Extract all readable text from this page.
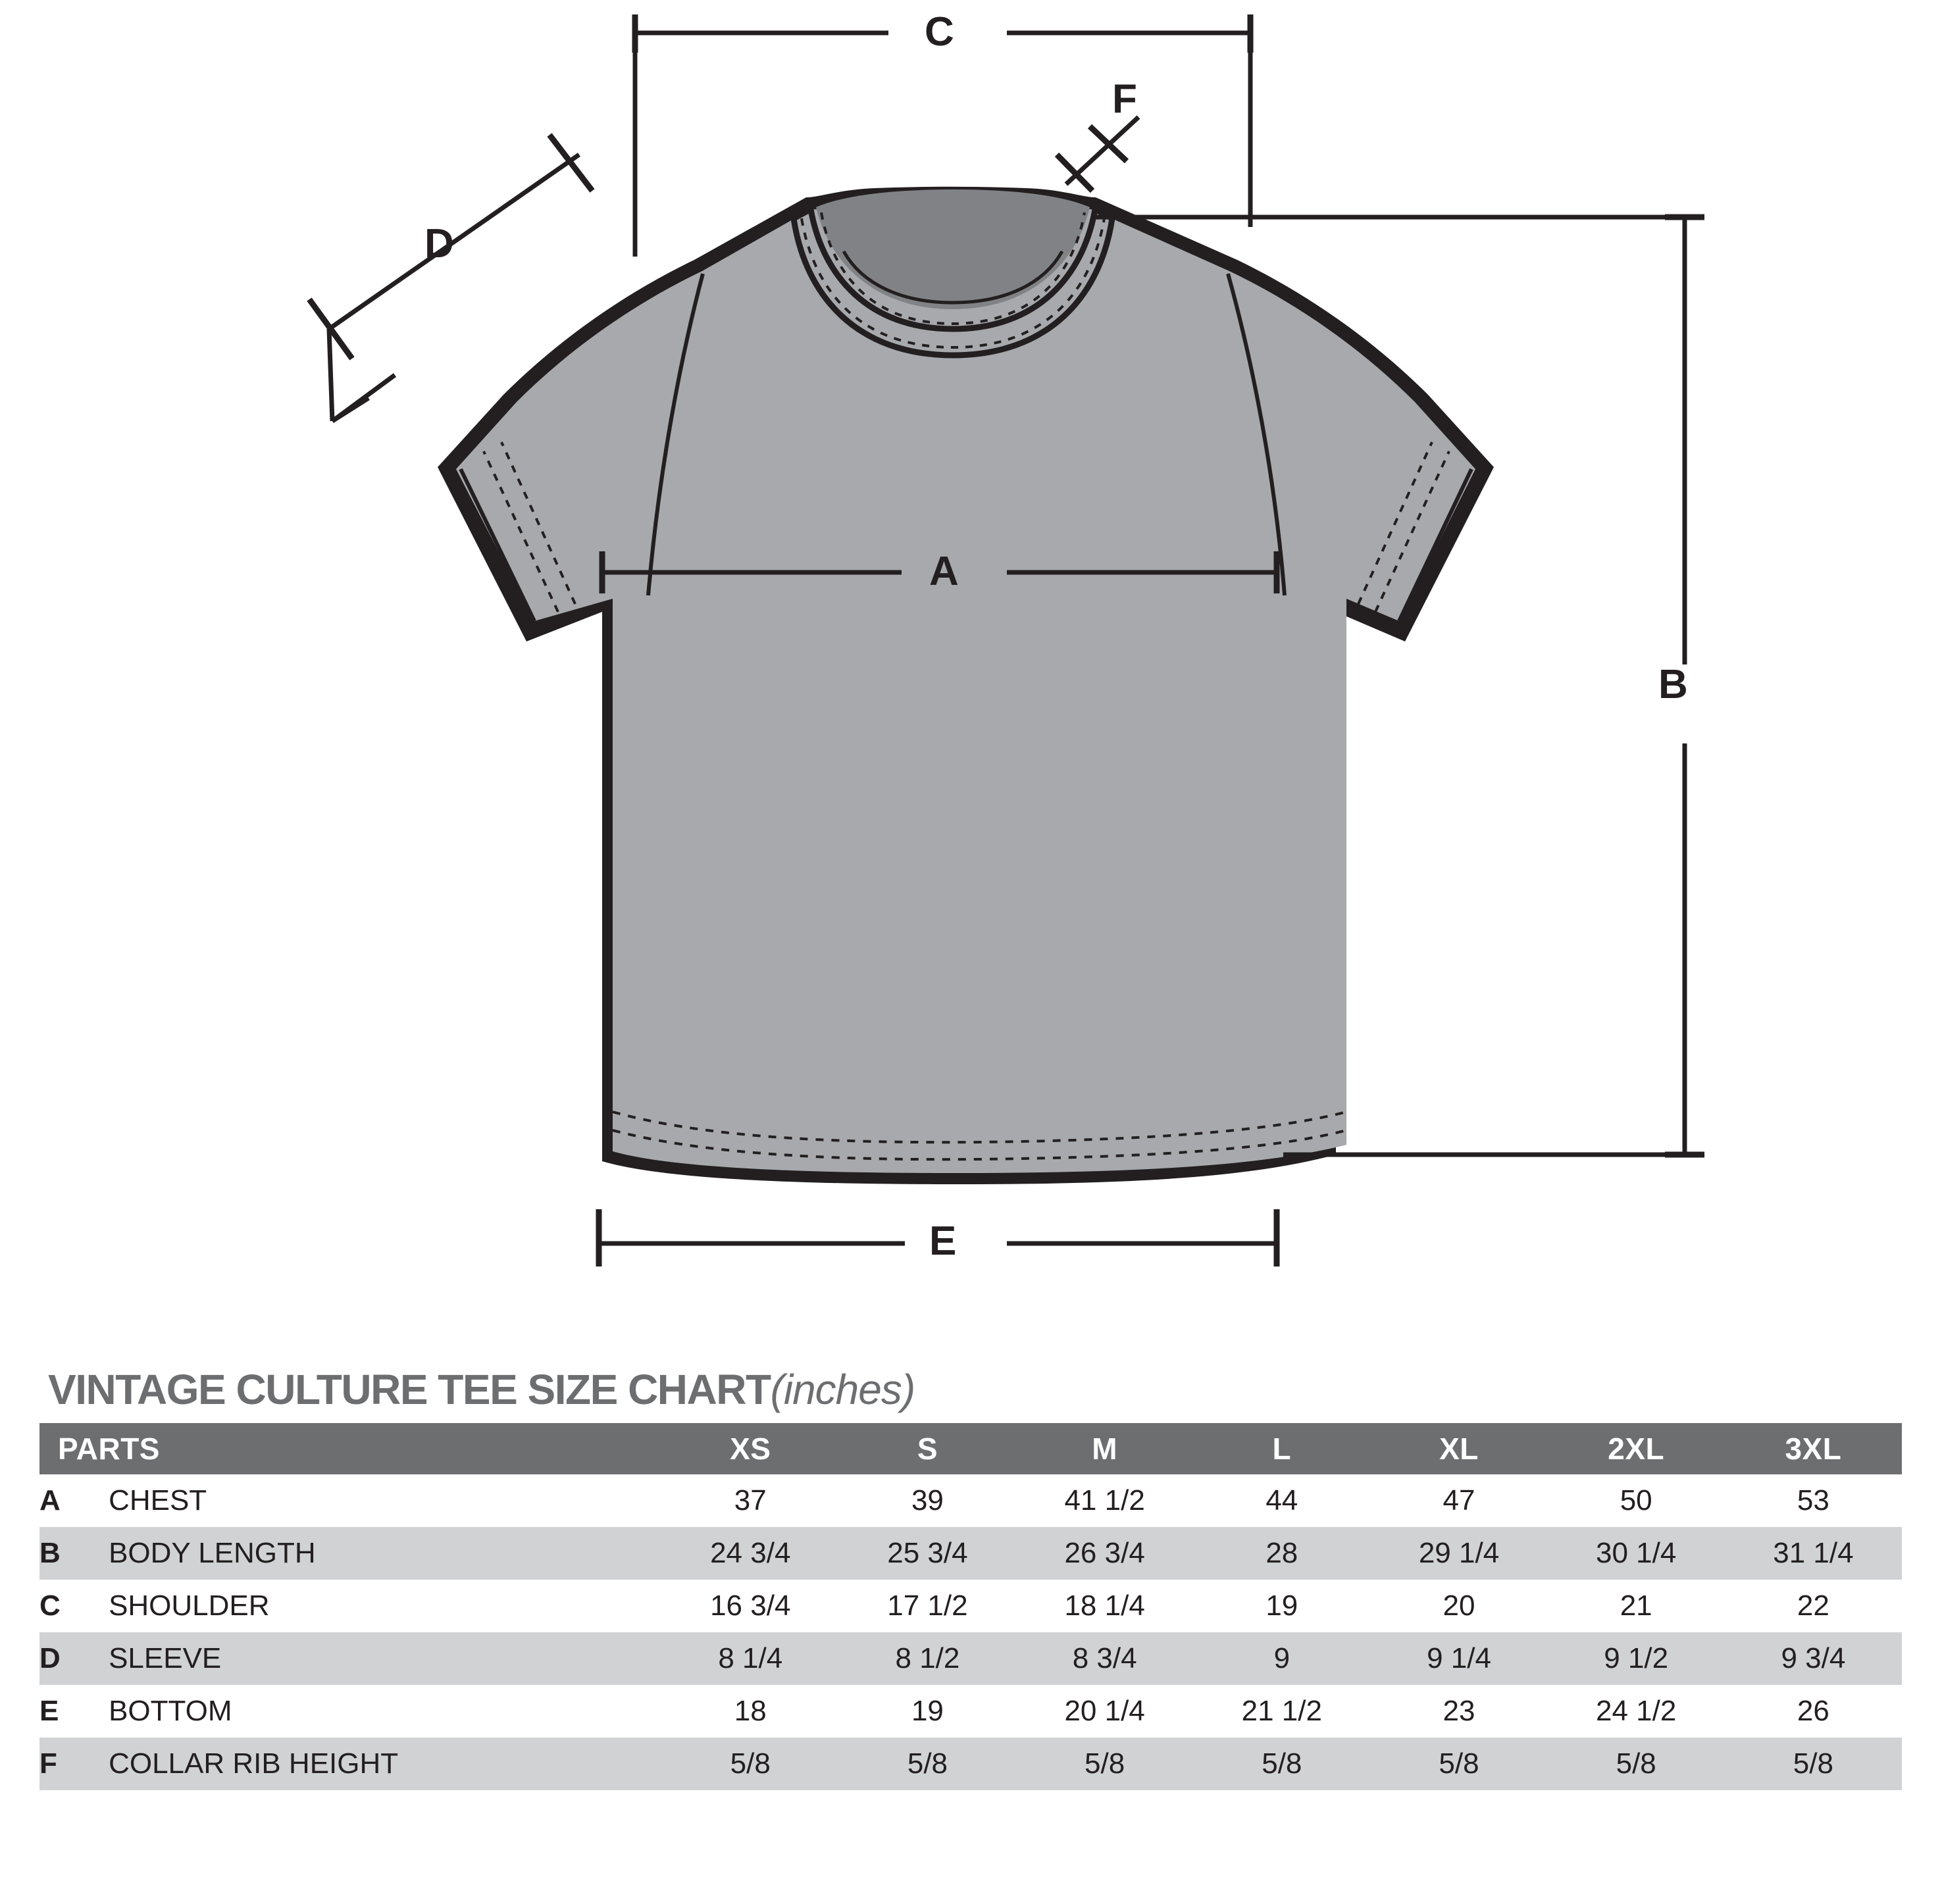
C
F
D
A
B
E
VINTAGE CULTURE TEE SIZE CHART(inches)
PARTS		XS	S	M	L	XL	2XL	3XL
A	CHEST	37	39	41 1/2	44	47	50	53
B	BODY LENGTH	24 3/4	25 3/4	26 3/4	28	29 1/4	30 1/4	31 1/4
C	SHOULDER	16 3/4	17 1/2	18 1/4	19	20	21	22
D	SLEEVE	8 1/4	8 1/2	8 3/4	9	9 1/4	9 1/2	9 3/4
E	BOTTOM	18	19	20 1/4	21 1/2	23	24 1/2	26
F	COLLAR RIB HEIGHT	5/8	5/8	5/8	5/8	5/8	5/8	5/8
